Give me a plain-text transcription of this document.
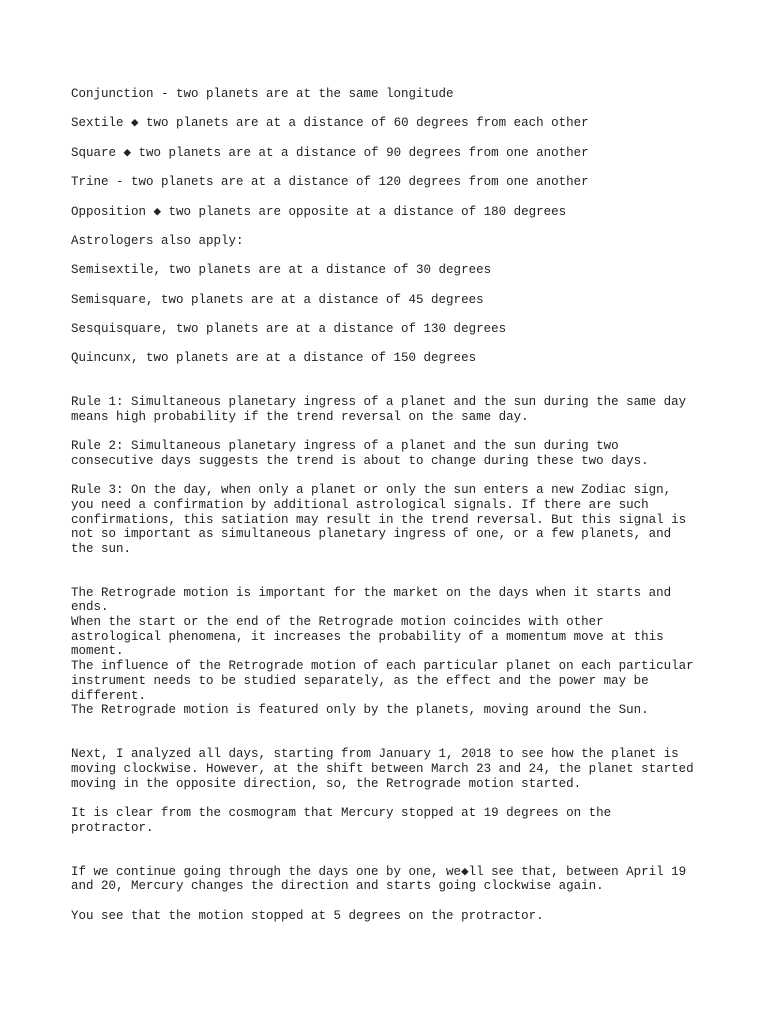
Conjunction - two planets are at the same longitude
Sextile ◆ two planets are at a distance of 60 degrees from each other
Square ◆ two planets are at a distance of 90 degrees from one another
Trine - two planets are at a distance of 120 degrees from one another
Opposition ◆ two planets are opposite at a distance of 180 degrees
Astrologers also apply:
Semisextile, two planets are at a distance of 30 degrees
Semisquare, two planets are at a distance of 45 degrees
Sesquisquare, two planets are at a distance of 130 degrees
Quincunx, two planets are at a distance of 150 degrees
Rule 1: Simultaneous planetary ingress of a planet and the sun during the same day
means high probability if the trend reversal on the same day.
Rule 2: Simultaneous planetary ingress of a planet and the sun during two
consecutive days suggests the trend is about to change during these two days.
Rule 3: On the day, when only a planet or only the sun enters a new Zodiac sign,
you need a confirmation by additional astrological signals. If there are such
confirmations, this satiation may result in the trend reversal. But this signal is
not so important as simultaneous planetary ingress of one, or a few planets, and
the sun.
The Retrograde motion is important for the market on the days when it starts and
ends.
When the start or the end of the Retrograde motion coincides with other
astrological phenomena, it increases the probability of a momentum move at this
moment.
The influence of the Retrograde motion of each particular planet on each particular
instrument needs to be studied separately, as the effect and the power may be
different.
The Retrograde motion is featured only by the planets, moving around the Sun.
Next, I analyzed all days, starting from January 1, 2018 to see how the planet is
moving clockwise. However, at the shift between March 23 and 24, the planet started
moving in the opposite direction, so, the Retrograde motion started.
It is clear from the cosmogram that Mercury stopped at 19 degrees on the
protractor.
If we continue going through the days one by one, we◆ll see that, between April 19
and 20, Mercury changes the direction and starts going clockwise again.
You see that the motion stopped at 5 degrees on the protractor.
